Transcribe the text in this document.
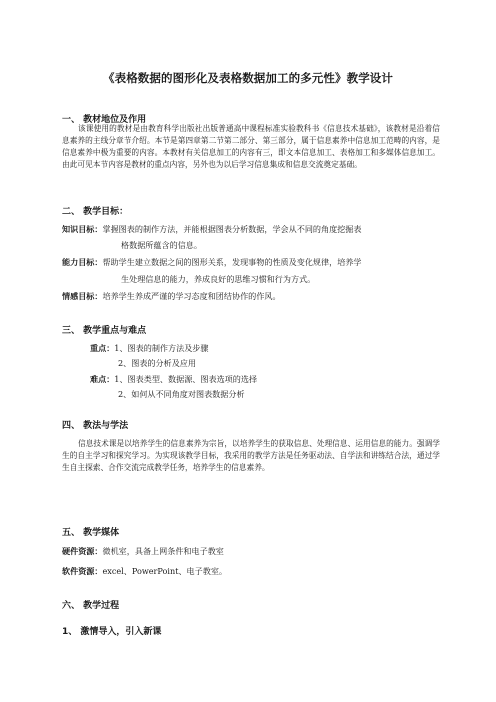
《表格数据的图形化及表格数据加工的多元性》教学设计
一、 教材地位及作用

该课使用的教材是由教育科学出版社出版普通高中课程标准实验教科书《信息技术基础》，该教材是沿着信息素养的主线分章节介绍。本节是第四章第二节第二部分、第三部分，属于信息素养中信息加工范畴的内容，是信息素养中极为重要的内容。本教材有关信息加工的内容有三，即文本信息加工、表格加工和多媒体信息加工。由此可见本节内容是教材的重点内容，另外也为以后学习信息集成和信息交流奠定基础。

二、 教学目标：
知识目标：掌握图表的制作方法，并能根据图表分析数据，学会从不同的角度挖掘表
格数据所蕴含的信息。
能力目标：帮助学生建立数据之间的图形关系，发现事物的性质及变化规律，培养学
生处理信息的能力，养成良好的思维习惯和行为方式。
情感目标：培养学生养成严谨的学习态度和团结协作的作风。
三、 教学重点与难点
重点：1、图表的制作方法及步骤
2、图表的分析及应用
难点：1、图表类型、数据源、图表选项的选择
2、如何从不同角度对图表数据分析
四、 教法与学法

信息技术课是以培养学生的信息素养为宗旨，以培养学生的获取信息、处理信息、运用信息的能力。强调学生的自主学习和探究学习。为实现该教学目标，我采用的教学方法是任务驱动法、自学法和讲练结合法，通过学生自主探索、合作交流完成教学任务，培养学生的信息素养。

五、 教学媒体
硬件资源：微机室，具备上网条件和电子教室
软件资源：excel、PowerPoint、电子教室。
六、 教学过程
1、 激情导入，引入新课
